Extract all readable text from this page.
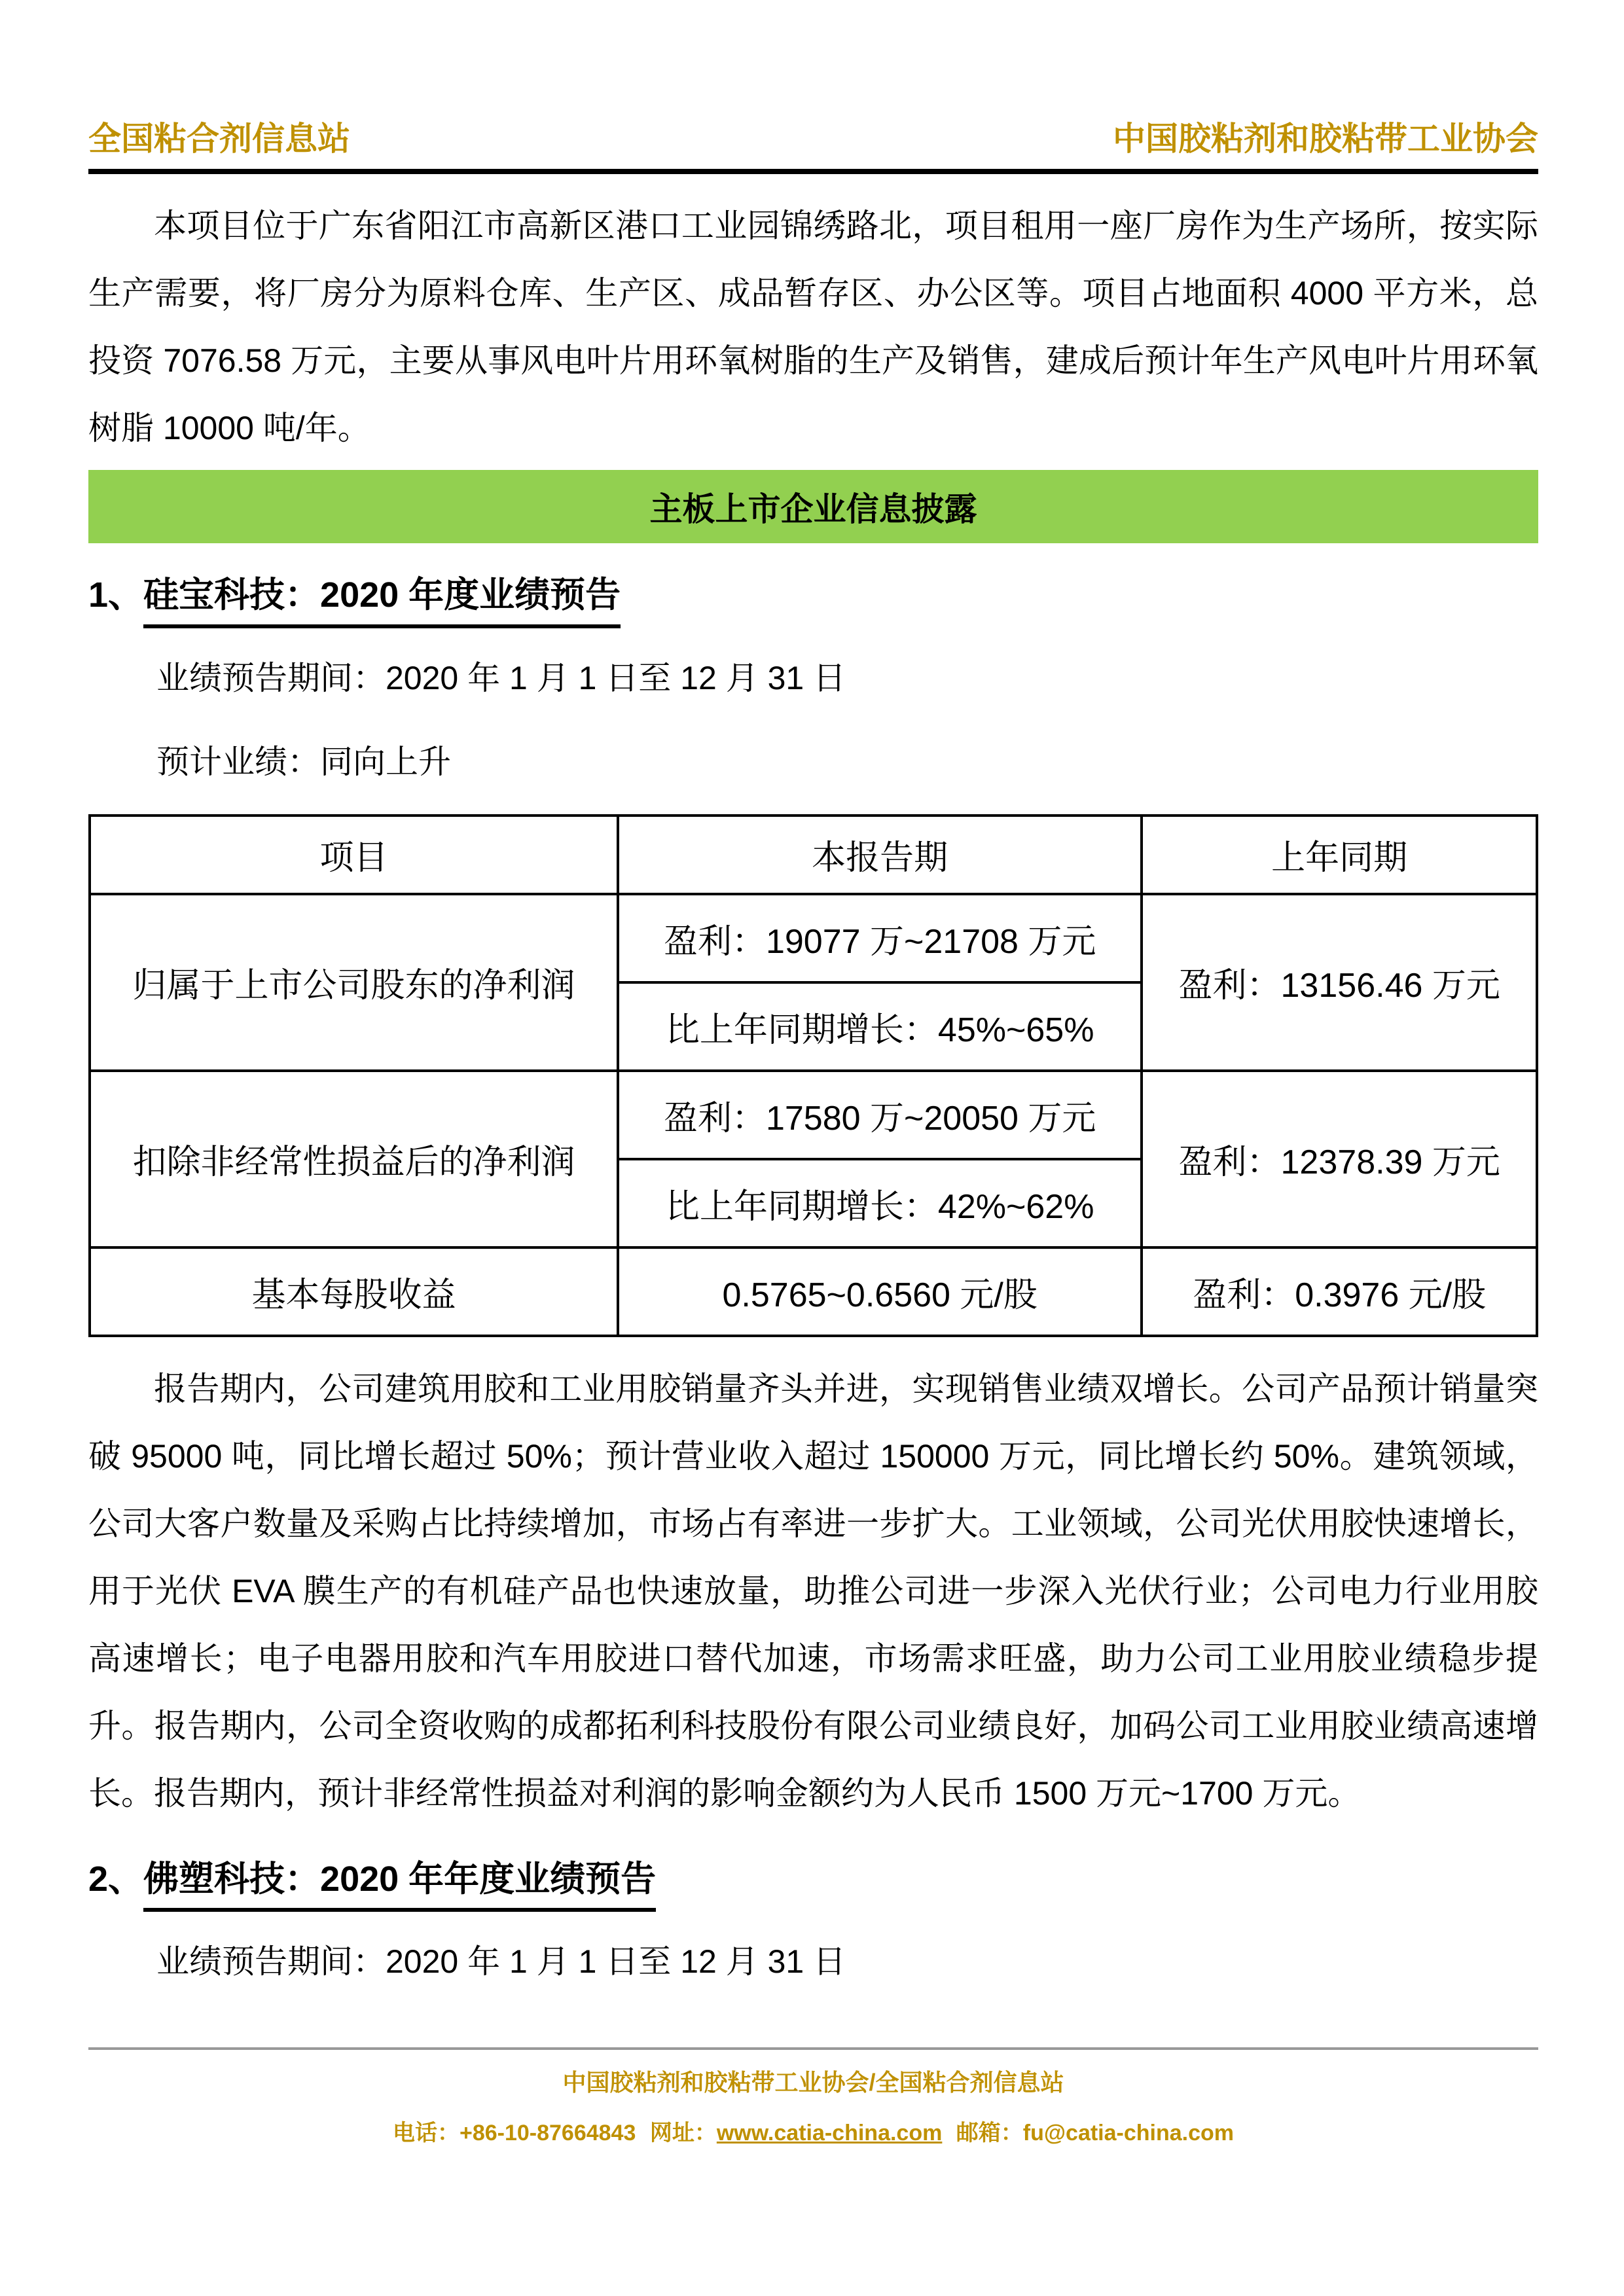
全国粘合剂信息站	中国胶粘剂和胶粘带工业协会

本项目位于广东省阳江市高新区港口工业园锦绣路北，项目租用一座厂房作为生产场所，按实际生产需要，将厂房分为原料仓库、生产区、成品暂存区、办公区等。项目占地面积 4000 平方米，总投资 7076.58 万元，主要从事风电叶片用环氧树脂的生产及销售，建成后预计年生产风电叶片用环氧树脂 10000 吨/年。

主板上市企业信息披露
1、硅宝科技：2020 年度业绩预告
业绩预告期间：2020 年 1 月 1 日至 12 月 31 日
预计业绩：同向上升
项目	本报告期	上年同期
归属于上市公司股东的净利润	盈利：19077 万~21708 万元	盈利：13156.46 万元
	比上年同期增长：45%~65%	
扣除非经常性损益后的净利润	盈利：17580 万~20050 万元	盈利：12378.39 万元
	比上年同期增长：42%~62%	
基本每股收益	0.5765~0.6560 元/股	盈利：0.3976 元/股

报告期内，公司建筑用胶和工业用胶销量齐头并进，实现销售业绩双增长。公司产品预计销量突破 95000 吨，同比增长超过 50%；预计营业收入超过 150000 万元，同比增长约 50%。建筑领域，公司大客户数量及采购占比持续增加，市场占有率进一步扩大。工业领域，公司光伏用胶快速增长，用于光伏 EVA 膜生产的有机硅产品也快速放量，助推公司进一步深入光伏行业；公司电力行业用胶高速增长；电子电器用胶和汽车用胶进口替代加速，市场需求旺盛，助力公司工业用胶业绩稳步提升。报告期内，公司全资收购的成都拓利科技股份有限公司业绩良好，加码公司工业用胶业绩高速增长。报告期内，预计非经常性损益对利润的影响金额约为人民币 1500 万元~1700 万元。

2、佛塑科技：2020 年年度业绩预告
业绩预告期间：2020 年 1 月 1 日至 12 月 31 日
中国胶粘剂和胶粘带工业协会/全国粘合剂信息站
电话：+86-10-87664843 网址：www.catia-china.com 邮箱：fu@catia-china.com
